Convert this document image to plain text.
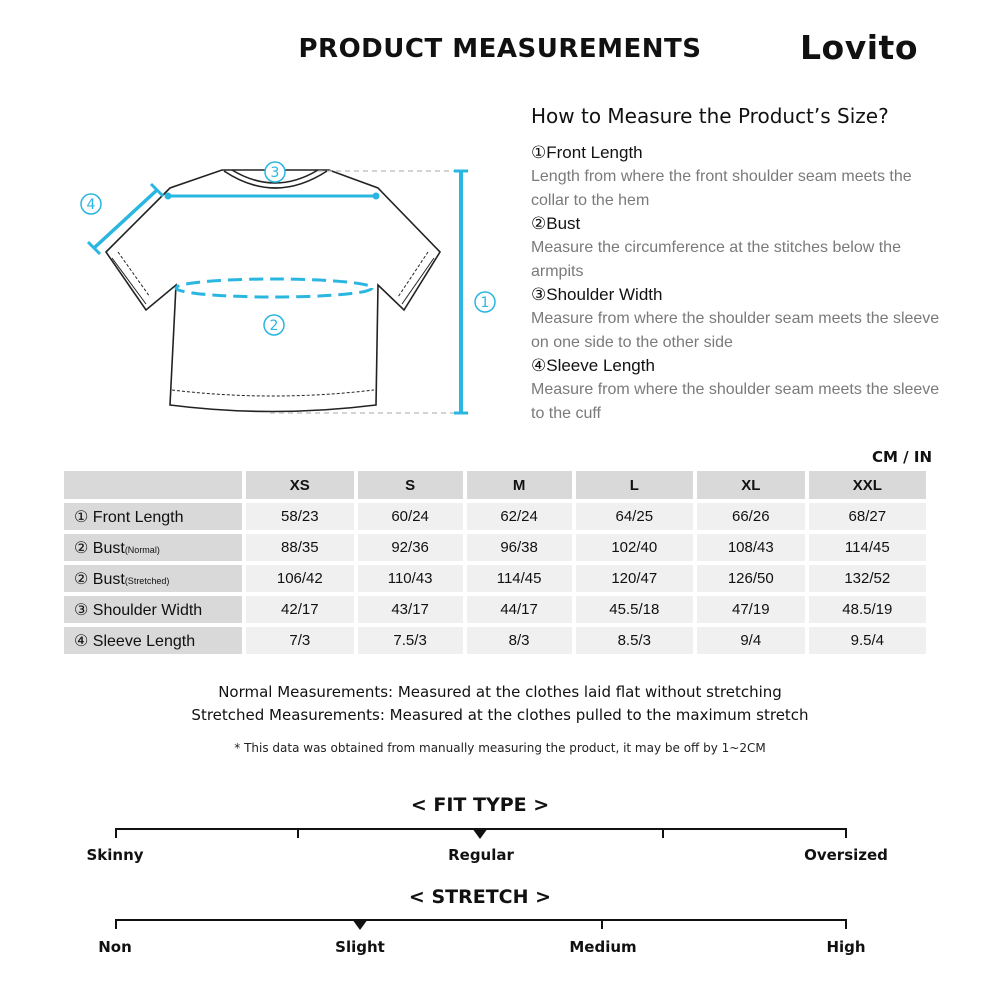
PRODUCT MEASUREMENTS	Lovito
1
2
3
4
How to Measure the Product’s Size?
①Front Length
Length from where the front shoulder seam meets the collar to the hem
②Bust
Measure the circumference at the stitches below the armpits
③Shoulder Width
Measure from where the shoulder seam meets the sleeve on one side to the other side
④Sleeve Length
Measure from where the shoulder seam meets the sleeve to the cuff
CM / IN
	XS	S	M	L	XL	XXL
① Front Length	58/23	60/24	62/24	64/25	66/26	68/27
② Bust(Normal)	88/35	92/36	96/38	102/40	108/43	114/45
② Bust(Stretched)	106/42	110/43	114/45	120/47	126/50	132/52
③ Shoulder Width	42/17	43/17	44/17	45.5/18	47/19	48.5/19
④ Sleeve Length	7/3	7.5/3	8/3	8.5/3	9/4	9.5/4
Normal Measurements: Measured at the clothes laid flat without stretching
Stretched Measurements: Measured at the clothes pulled to the maximum stretch
* This data was obtained from manually measuring the product, it may be off by 1~2CM
< FIT TYPE >
Skinny	Regular	Oversized
< STRETCH >
Non	Slight	Medium	High
